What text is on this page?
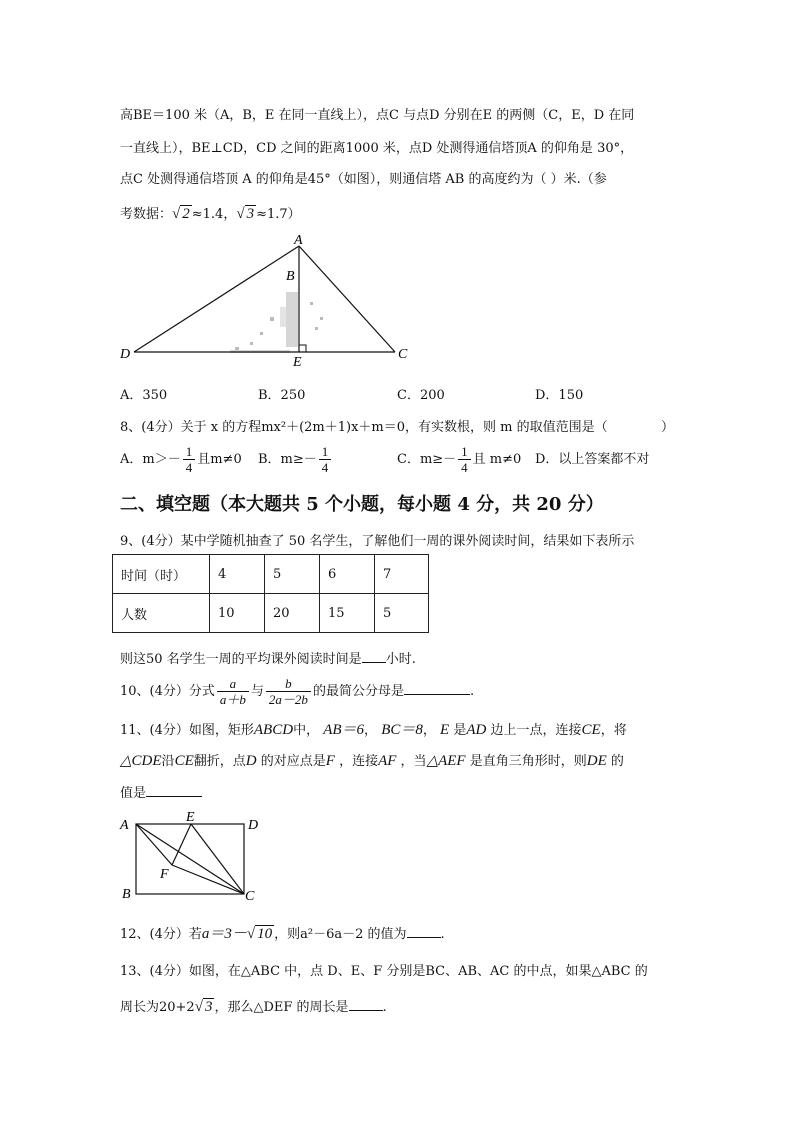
高BE＝100 米（A，B，E 在同一直线上），点C 与点D 分别在E 的两侧（C，E，D 在同
一直线上），BE⊥CD，CD 之间的距离1000 米，点D 处测得通信塔顶A 的仰角是 30°，
点C 处测得通信塔顶 A 的仰角是45°（如图），则通信塔 AB 的高度约为（ ）米.（参
考数据：√ 2 ≈1.4，√ 3 ≈1.7）
A
B
D	C
E
A．350	B．250	C．200	D．150
8、(4分）关于 x 的方程mx²＋(2m＋1)x＋m＝0，有实数根，则 m 的取值范围是（	）
A．$m>- \frac{1}{4}$ 且m≠0 B．$m\ge- \frac{1}{4}$	C．$m\ge- \frac{1}{4}$ 且 m≠0 D．以上答案都不对
二、填空题（本大题共 5 个小题，每小题 4 分，共 20 分）
9、(4分）某中学随机抽查了 50 名学生，了解他们一周的课外阅读时间，结果如下表所示
时间（时）	4	5	6	7
人数	10	20	15	5
则这50 名学生一周的平均课外阅读时间是 小时.
10、(4分）分式 $\frac{a}{a+b}$ 与 $\frac{b}{2a-2b}$ 的最简公分母是	.
11、(4分）如图，矩形ABCD中， AB＝6， BC＝8， E 是AD 边上一点，连接CE，将
△CDE沿CE翻折，点D 的对应点是F ，连接AF ，当△AEF 是直角三角形时，则DE 的
值是
A
B	C
D
E
F
12、(4分）若a＝3－√ 10 ，则a²－6a－2 的值为	.
13、(4分）如图，在△ABC 中，点 D、E、F 分别是BC、AB、AC 的中点，如果△ABC 的
周长为20+2√ 3 ，那么△DEF 的周长是	.
